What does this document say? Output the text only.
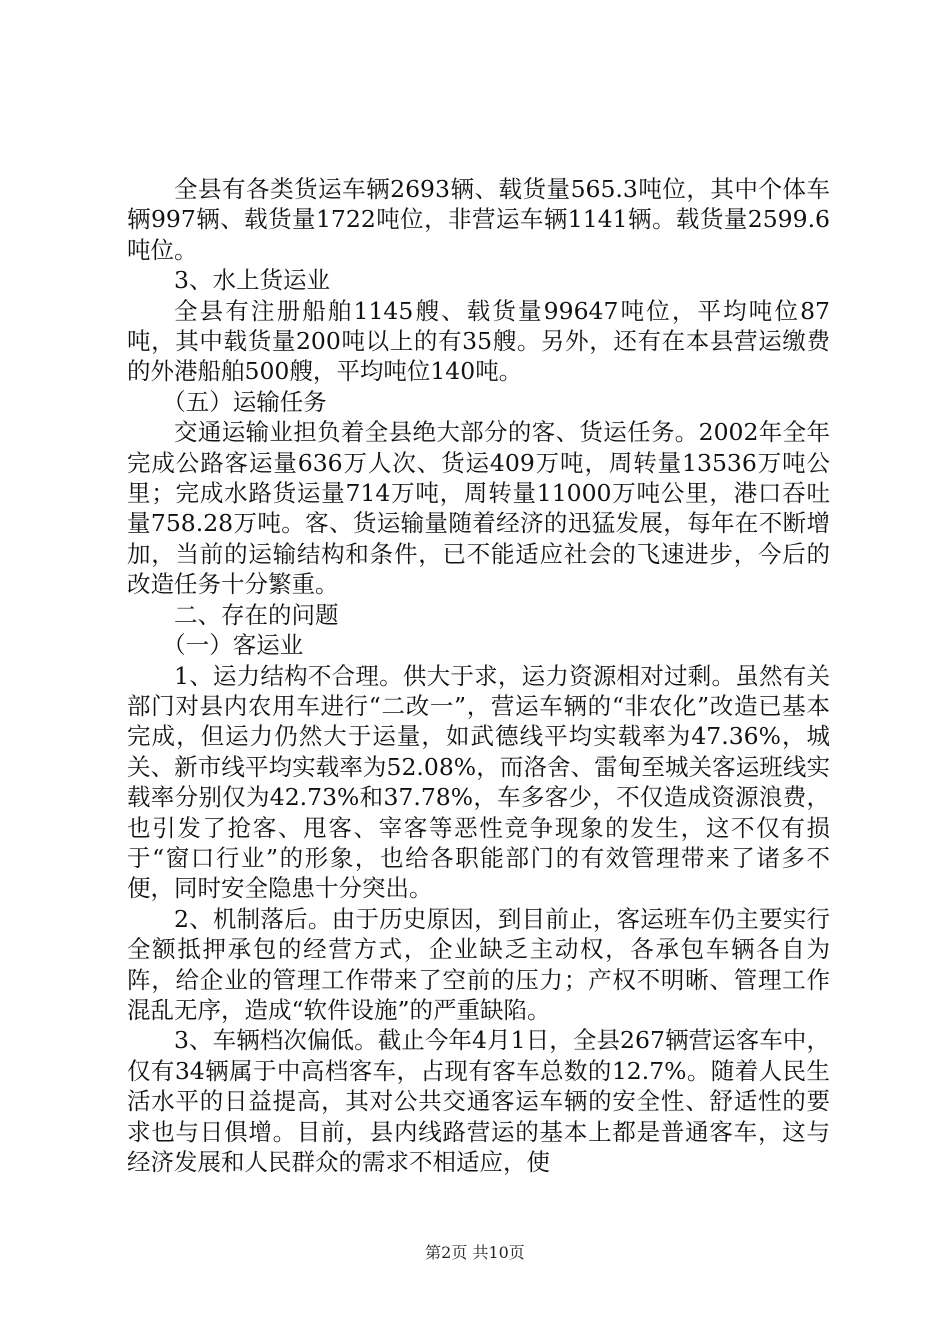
全县有各类货运车辆2693辆、载货量565.3吨位，其中个体车辆997辆、载货量1722吨位，非营运车辆1141辆。载货量2599.6吨位。

3、水上货运业

全县有注册船舶1145艘、载货量99647吨位，平均吨位87吨，其中载货量200吨以上的有35艘。另外，还有在本县营运缴费的外港船舶500艘，平均吨位140吨。

（五）运输任务

交通运输业担负着全县绝大部分的客、货运任务。2002年全年完成公路客运量636万人次、货运409万吨，周转量13536万吨公里；完成水路货运量714万吨，周转量11000万吨公里，港口吞吐量758.28万吨。客、货运输量随着经济的迅猛发展，每年在不断增加，当前的运输结构和条件，已不能适应社会的飞速进步，今后的改造任务十分繁重。

二、存在的问题

（一）客运业

1、运力结构不合理。供大于求，运力资源相对过剩。虽然有关部门对县内农用车进行“二改一”，营运车辆的“非农化”改造已基本完成，但运力仍然大于运量，如武德线平均实载率为47.36%，城关、新市线平均实载率为52.08%，而洛舍、雷甸至城关客运班线实载率分别仅为42.73%和37.78%，车多客少，不仅造成资源浪费，也引发了抢客、甩客、宰客等恶性竞争现象的发生，这不仅有损于“窗口行业”的形象，也给各职能部门的有效管理带来了诸多不便，同时安全隐患十分突出。

2、机制落后。由于历史原因，到目前止，客运班车仍主要实行全额抵押承包的经营方式，企业缺乏主动权，各承包车辆各自为阵，给企业的管理工作带来了空前的压力；产权不明晰、管理工作混乱无序，造成“软件设施”的严重缺陷。

3、车辆档次偏低。截止今年4月1日，全县267辆营运客车中，仅有34辆属于中高档客车，占现有客车总数的12.7%。随着人民生活水平的日益提高，其对公共交通客运车辆的安全性、舒适性的要求也与日俱增。目前，县内线路营运的基本上都是普通客车，这与经济发展和人民群众的需求不相适应，使

第2页 共10页
